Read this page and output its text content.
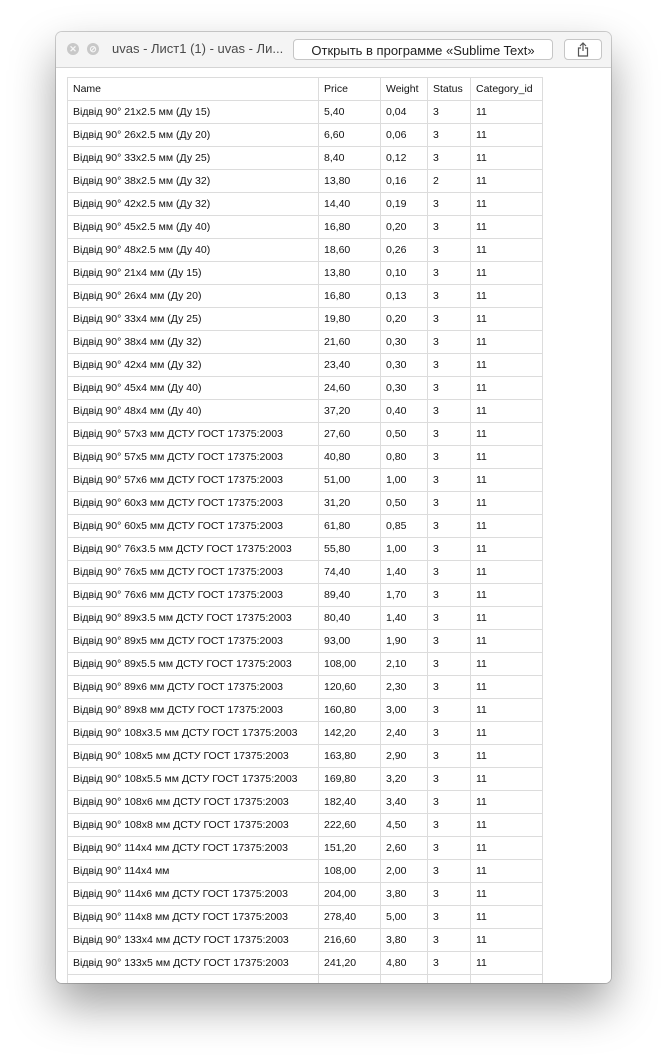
✕ ⊘ uvas - Лист1 (1) - uvas - Ли...	Открыть в программе «Sublime Text»
Name	Price	Weight	Status	Category_id
Відвід 90° 21x2.5 мм (Ду 15)	5,40	0,04	3	11
Відвід 90° 26x2.5 мм (Ду 20)	6,60	0,06	3	11
Відвід 90° 33x2.5 мм (Ду 25)	8,40	0,12	3	11
Відвід 90° 38x2.5 мм (Ду 32)	13,80	0,16	2	11
Відвід 90° 42x2.5 мм (Ду 32)	14,40	0,19	3	11
Відвід 90° 45x2.5 мм (Ду 40)	16,80	0,20	3	11
Відвід 90° 48x2.5 мм (Ду 40)	18,60	0,26	3	11
Відвід 90° 21x4 мм (Ду 15)	13,80	0,10	3	11
Відвід 90° 26x4 мм (Ду 20)	16,80	0,13	3	11
Відвід 90° 33x4 мм (Ду 25)	19,80	0,20	3	11
Відвід 90° 38x4 мм (Ду 32)	21,60	0,30	3	11
Відвід 90° 42x4 мм (Ду 32)	23,40	0,30	3	11
Відвід 90° 45x4 мм (Ду 40)	24,60	0,30	3	11
Відвід 90° 48x4 мм (Ду 40)	37,20	0,40	3	11
Відвід 90° 57x3 мм ДСТУ ГОСТ 17375:2003	27,60	0,50	3	11
Відвід 90° 57x5 мм ДСТУ ГОСТ 17375:2003	40,80	0,80	3	11
Відвід 90° 57x6 мм ДСТУ ГОСТ 17375:2003	51,00	1,00	3	11
Відвід 90° 60x3 мм ДСТУ ГОСТ 17375:2003	31,20	0,50	3	11
Відвід 90° 60x5 мм ДСТУ ГОСТ 17375:2003	61,80	0,85	3	11
Відвід 90° 76x3.5 мм ДСТУ ГОСТ 17375:2003	55,80	1,00	3	11
Відвід 90° 76x5 мм ДСТУ ГОСТ 17375:2003	74,40	1,40	3	11
Відвід 90° 76x6 мм ДСТУ ГОСТ 17375:2003	89,40	1,70	3	11
Відвід 90° 89x3.5 мм ДСТУ ГОСТ 17375:2003	80,40	1,40	3	11
Відвід 90° 89x5 мм ДСТУ ГОСТ 17375:2003	93,00	1,90	3	11
Відвід 90° 89x5.5 мм ДСТУ ГОСТ 17375:2003	108,00	2,10	3	11
Відвід 90° 89x6 мм ДСТУ ГОСТ 17375:2003	120,60	2,30	3	11
Відвід 90° 89x8 мм ДСТУ ГОСТ 17375:2003	160,80	3,00	3	11
Відвід 90° 108x3.5 мм ДСТУ ГОСТ 17375:2003	142,20	2,40	3	11
Відвід 90° 108x5 мм ДСТУ ГОСТ 17375:2003	163,80	2,90	3	11
Відвід 90° 108x5.5 мм ДСТУ ГОСТ 17375:2003	169,80	3,20	3	11
Відвід 90° 108x6 мм ДСТУ ГОСТ 17375:2003	182,40	3,40	3	11
Відвід 90° 108x8 мм ДСТУ ГОСТ 17375:2003	222,60	4,50	3	11
Відвід 90° 114x4 мм ДСТУ ГОСТ 17375:2003	151,20	2,60	3	11
Відвід 90° 114x4 мм	108,00	2,00	3	11
Відвід 90° 114x6 мм ДСТУ ГОСТ 17375:2003	204,00	3,80	3	11
Відвід 90° 114x8 мм ДСТУ ГОСТ 17375:2003	278,40	5,00	3	11
Відвід 90° 133x4 мм ДСТУ ГОСТ 17375:2003	216,60	3,80	3	11
Відвід 90° 133x5 мм ДСТУ ГОСТ 17375:2003	241,20	4,80	3	11
